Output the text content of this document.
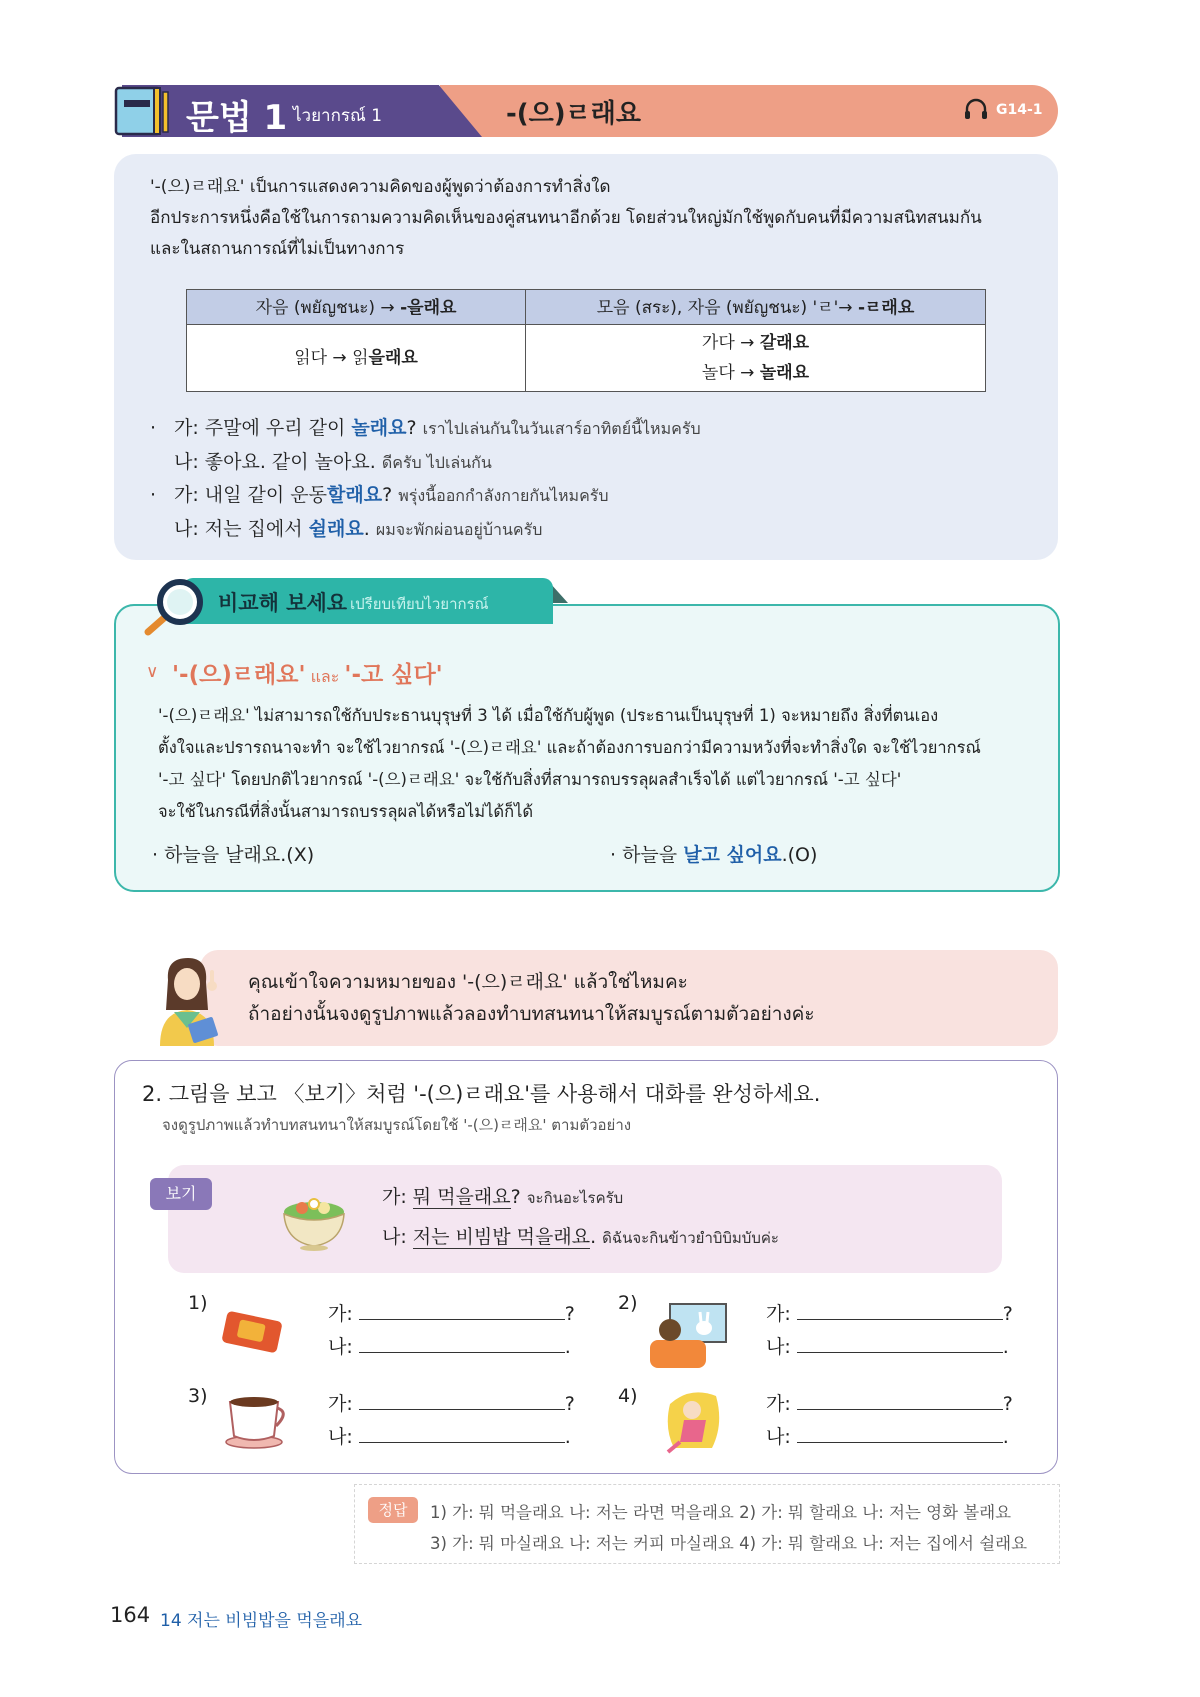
문법 1 ไวยากรณ์ 1	-(으)ㄹ래요	G14-1
'-(으)ㄹ래요' เป็นการแสดงความคิดของผู้พูดว่าต้องการทำสิ่งใด
อีกประการหนึ่งคือใช้ในการถามความคิดเห็นของคู่สนทนาอีกด้วย โดยส่วนใหญ่มักใช้พูดกับคนที่มีความสนิทสนมกัน
และในสถานการณ์ที่ไม่เป็นทางการ
자음 (พยัญชนะ) → -을래요	모음 (สระ), 자음 (พยัญชนะ) 'ㄹ'→ -ㄹ래요
읽다 → 읽을래요	가다 → 갈래요
놀다 → 놀래요
· 가: 주말에 우리 같이 놀래요? เราไปเล่นกันในวันเสาร์อาทิตย์นี้ไหมครับ
나: 좋아요. 같이 놀아요. ดีครับ ไปเล่นกัน
· 가: 내일 같이 운동할래요? พรุ่งนี้ออกกำลังกายกันไหมครับ
나: 저는 집에서 쉴래요. ผมจะพักผ่อนอยู่บ้านครับ
비교해 보세요 เปรียบเทียบไวยากรณ์
∨ '-(으)ㄹ래요' และ '-고 싶다'
'-(으)ㄹ래요' ไม่สามารถใช้กับประธานบุรุษที่ 3 ได้ เมื่อใช้กับผู้พูด (ประธานเป็นบุรุษที่ 1) จะหมายถึง สิ่งที่ตนเอง
ตั้งใจและปรารถนาจะทำ จะใช้ไวยากรณ์ '-(으)ㄹ래요' และถ้าต้องการบอกว่ามีความหวังที่จะทำสิ่งใด จะใช้ไวยากรณ์
'-고 싶다' โดยปกติไวยากรณ์ '-(으)ㄹ래요' จะใช้กับสิ่งที่สามารถบรรลุผลสำเร็จได้ แต่ไวยากรณ์ '-고 싶다'
จะใช้ในกรณีที่สิ่งนั้นสามารถบรรลุผลได้หรือไม่ได้ก็ได้
· 하늘을 날래요.(X)	· 하늘을 날고 싶어요.(O)
คุณเข้าใจความหมายของ '-(으)ㄹ래요' แล้วใช่ไหมคะ
ถ้าอย่างนั้นจงดูรูปภาพแล้วลองทำบทสนทนาให้สมบูรณ์ตามตัวอย่างค่ะ
2. 그림을 보고 〈보기〉처럼 '-(으)ㄹ래요'를 사용해서 대화를 완성하세요.
จงดูรูปภาพแล้วทำบทสนทนาให้สมบูรณ์โดยใช้ '-(으)ㄹ래요' ตามตัวอย่าง
보기	가: 뭐 먹을래요? จะกินอะไรครับ
나: 저는 비빔밥 먹을래요. ดิฉันจะกินข้าวยำบิบิมบับค่ะ
1)	가:	?
나:	.
2)	가:	?
나:	.
3)	가:	?
나:	.
4)	가:	?
나:	.
정답	1) 가: 뭐 먹을래요 나: 저는 라면 먹을래요 2) 가: 뭐 할래요 나: 저는 영화 볼래요
3) 가: 뭐 마실래요 나: 저는 커피 마실래요 4) 가: 뭐 할래요 나: 저는 집에서 쉴래요
164 14 저는 비빔밥을 먹을래요
